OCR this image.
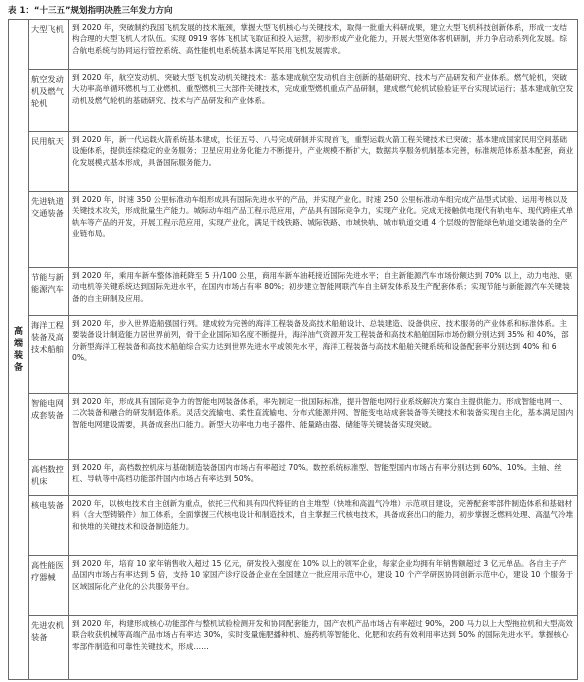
表 1：“十三五”规划指明决胜三年发力方向
高端装备	大型飞机	到 2020 年，突破制约我国飞机发展的技术瓶颈，掌握大型飞机核心与关键技术，取得一批重大科研成果，建立大型飞机科技创新体系，形成一支结构合理的大型飞机人才队伍。实现 0919 客体飞机试飞取证和投入运营，初步形成产业化能力，开展大型宽体客机研制，并力争启动系列化发展。综合航电系统与协同运行管控系统、高性能机电系统基本满足军民用飞机发展需求。
	航空发动机及燃气轮机	到 2020 年，航空发动机、突破大型飞机发动机关键技术：基本建成航空发动机自主创新的基础研究、技术与产品研发和产业体系。燃气轮机，突破大功率高单循环燃机与工业燃机、重型燃机三大部件关键技术，完成重型燃机重点产品研制，建成燃气轮机试验验证平台实现试运行；基本建成航空发动机及燃气轮机的基础研究、技术与产品研发和产业体系。
	民用航天	到 2020 年，新一代运载火箭系统基本建成，长征五号、八号完成研制并实现首飞，重型运载火箭工程关键技术已突破；基本建成国家民用空间基础设施体系，提供连续稳定的业务服务；卫星应用业务化能力不断提升，产业规模不断扩大，数据共享服务机制基本完善，标准规范体系基本配套，商业化发展模式基本形成，具备国际服务能力。
	先进轨道交通装备	到 2020 年，时速 350 公里标准动车组形成具有国际先进水平的产品，并实现产业化。时速 250 公里标准动车组完成产品型式试验、运用考核以及关键技术攻关，形成批量生产能力。城际动车组产品工程示范应用，产品具有国际竞争力，实现产业化。完成无接触供电现代有轨电车、现代跨座式单轨车等产品的开发，开展工程示范应用，实现产业化，满足干线铁路、城际铁路、市域快轨、城市轨道交通 4 个层级的智能绿色轨道交通装备的全产业链布局。
	节能与新能源汽车	到 2020 年，乘用车新车整体油耗降至 5 升/100 公里，商用车新车油耗接近国际先进水平；自主新能源汽车市场份额达到 70% 以上，动力电池、驱动电机等关键系统达到国际先进水平，在国内市场占有率 80%；初步建立智能网联汽车自主研发体系及生产配套体系；实现节能与新能源汽车关键装备的自主研制及应用。
	海洋工程装备及高技术船舶	到 2020 年，步入世界造船强国行列。建成较为完善的海洋工程装备及高技术船舶设计、总装建造、设备供应、技术服务的产业体系和标准体系。主要装备设计制造能力居世界前列，骨干企业国际知名度不断提升，海洋油气资源开发工程装备和高技术船舶国际市场份额分别达到 35% 和 40%，部分新型海洋工程装备和高技术船舶综合实力达到世界先进水平或领先水平，海洋工程装备与高技术船舶关键系统和设备配套率分别达到 40% 和 60%。
	智能电网成套装备	到 2020 年，形成具有国际竞争力的智能电网装备体系，率先制定一批国际标准，提升智能电网行业系统解决方案自主提供能力。形成智能电网一、二次装备和融合的研发制造体系。灵活交流输电、柔性直流输电、分布式能源并网、智能变电站成套装备等关键技术和装备实现自主化，基本满足国内智能电网建设需要，具备成套出口能力。新型大功率电力电子器件、能量路由器、储能等关键装备实现突破。
	高档数控机床	到 2020 年，高档数控机床与基础制造装备国内市场占有率超过 70%。数控系统标准型、智能型国内市场占有率分别达到 60%、10%。主轴、丝杠、导轨等中高档功能部件国内市场占有率达到 50%。
	核电装备	2020 年，以核电技术自主创新为重点，依托三代和具有四代特征的自主堆型（快堆和高温气冷堆）示范项目建设，完善配套零部件制造体系和基础材料（含大型铸锻件）加工体系，全面掌握三代核电设计和制造技术，自主掌握三代核电技术，具备成套出口的能力，初步掌握乏燃料处理、高温气冷堆和快堆的关键技术和设备制造能力。
	高性能医疗器械	到 2020 年，培育 10 家年销售收入超过 15 亿元，研发投入强度在 10% 以上的领军企业，每家企业均拥有年销售额超过 3 亿元单品。各自主子产品国内市场占有率达到 5 倍，支持 10 家国产诊疗设备企业在全国建立一批应用示范中心，建设 10 个产学研医协同创新示范中心，建设 10 个服务于区域国际化产业化的公共服务平台。
	先进农机装备	到 2020 年，构建形成核心功能部件与整机试验检测开发和协同配套能力，国产农机产品市场占有率超过 90%，200 马力以上大型拖拉机和大型高效联合收获机械等高端产品市场占有率达 30%，实时变量施肥播种机、施药机等智能化、化肥和农药有效利用率达到 50% 的国际先进水平。掌握核心零部件制造和可靠性关键技术，形成……
